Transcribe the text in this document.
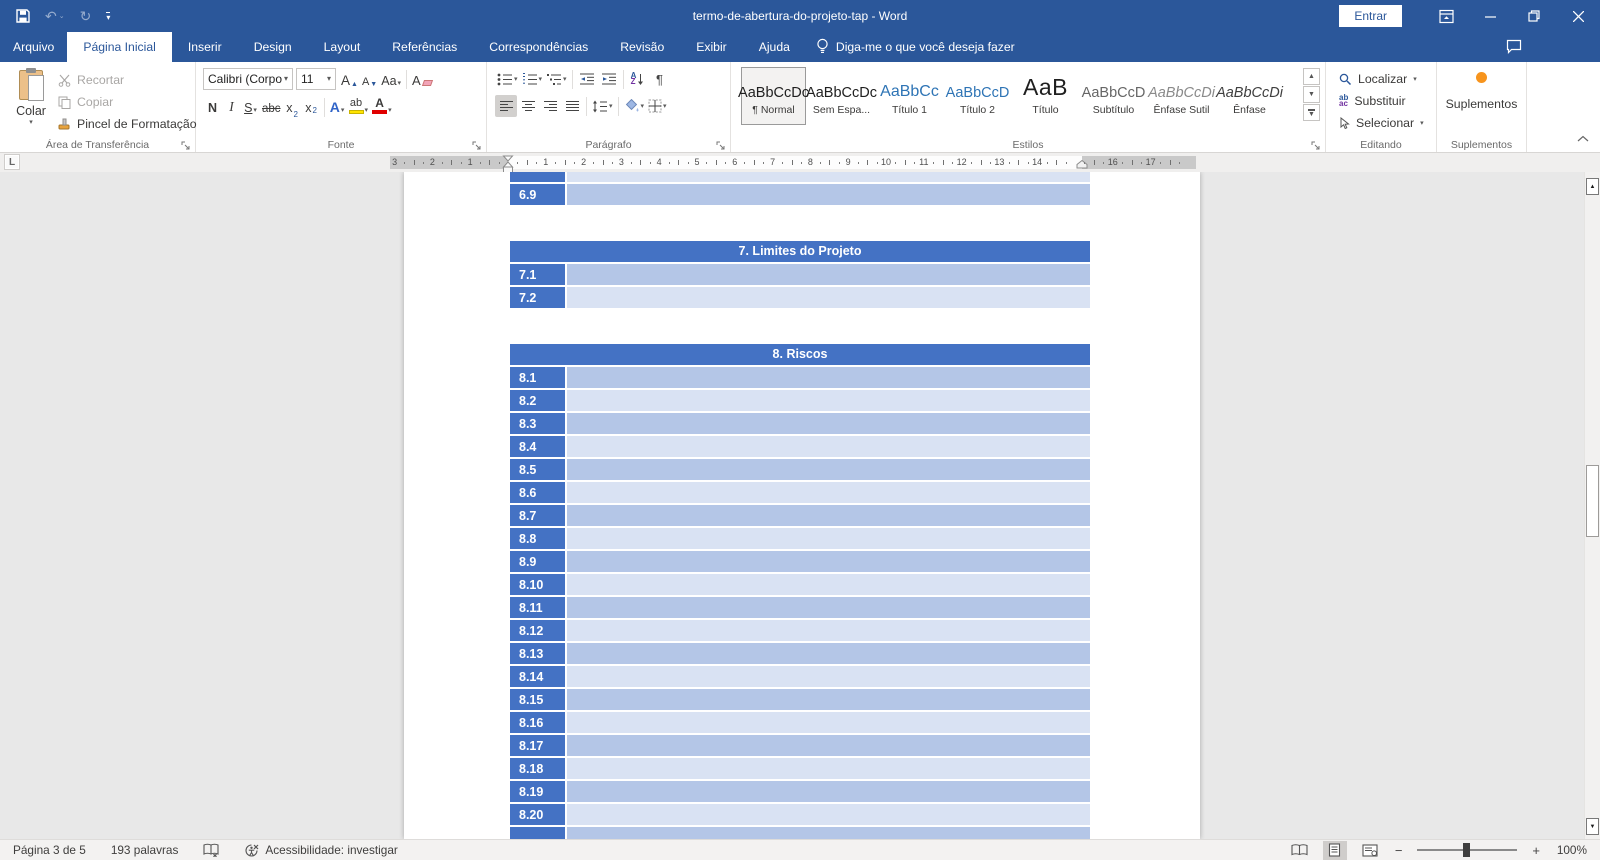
↶ ⌄ ↻ ▾	termo-de-abertura-do-projeto-tap - Word	Entrar
Arquivo	Página Inicial	Inserir	Design	Layout	Referências	Correspondências	Revisão	Exibir	Ajuda	Diga-me o que você deseja fazer
Colar
▾
Recortar
Copiar
Pincel de Formatação
Área de Transferência
Calibri (Corpo ▾ 11 ▾ A ▲ A ▼ Aa ▾ A
N I S ▾ abc x 2 x 2 A ▾
ab
▾
A
▾
Fonte
▾	▾	▾	A
Z ¶
▾	▾	▾
Parágrafo
AaBbCcDc
¶ Normal
AaBbCcDc
Sem Espa...
AaBbCc
Título 1
AaBbCcD
Título 2
AaB
Título
AaBbCcD
Subtítulo
AaBbCcDi
Ênfase Sutil
AaBbCcDi
Ênfase
▲
▼
▼
Estilos
Localizar ▾
ab
ac Substituir
Selecionar ▾
Editando
Suplementos
Suplementos
L	3	2	1	1	2	3	4	5	6	7	8	9	10	11	12	13	14	16	17
6.9
7. Limites do Projeto
7.1
7.2
8. Riscos
8.1
8.2
8.3
8.4
8.5
8.6
8.7
8.8
8.9
8.10
8.11
8.12
8.13
8.14
8.15
8.16
8.17
8.18
8.19
8.20
▲
▼
Página 3 de 5 193 palavras	Acessibilidade: investigar	−	+	100%
